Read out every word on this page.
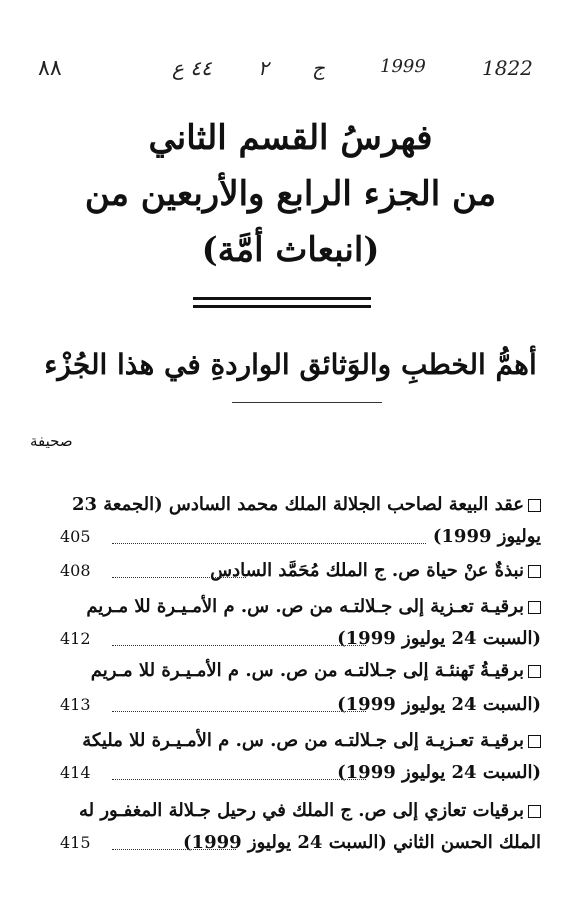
٨٨	٤٤ ع ٢ ج	1999	1822

فهرسُ القسم الثاني

من الجزء الرابع والأربعين من

(انبعاث أمَّة)

أهمُّ الخطبِ والوَثائق الواردةِ في هذا الجُزْء
صحيفة
عقد البيعة لصاحب الجلالة الملك محمد السادس (الجمعة 23
يوليوز 1999)
405
نبذةٌ عنْ حياة ص. ج الملك مُحَمَّد السادس
408
برقيـة تعـزية إلى جـلالتـه من ص. س. م الأمـيـرة للا مـريم
(السبت 24 يوليوز 1999)
412
برقيـةُ تَهنئـة إلى جـلالتـه من ص. س. م الأمـيـرة للا مـريم
(السبت 24 يوليوز 1999)
413
برقيـة تعـزيـة إلى جـلالتـه من ص. س. م الأمـيـرة للا مليكة
(السبت 24 يوليوز 1999)
414
برقيات تعازي إلى ص. ج الملك في رحيل جـلالة المغفـور له
الملك الحسن الثاني (السبت 24 يوليوز 1999)
415
